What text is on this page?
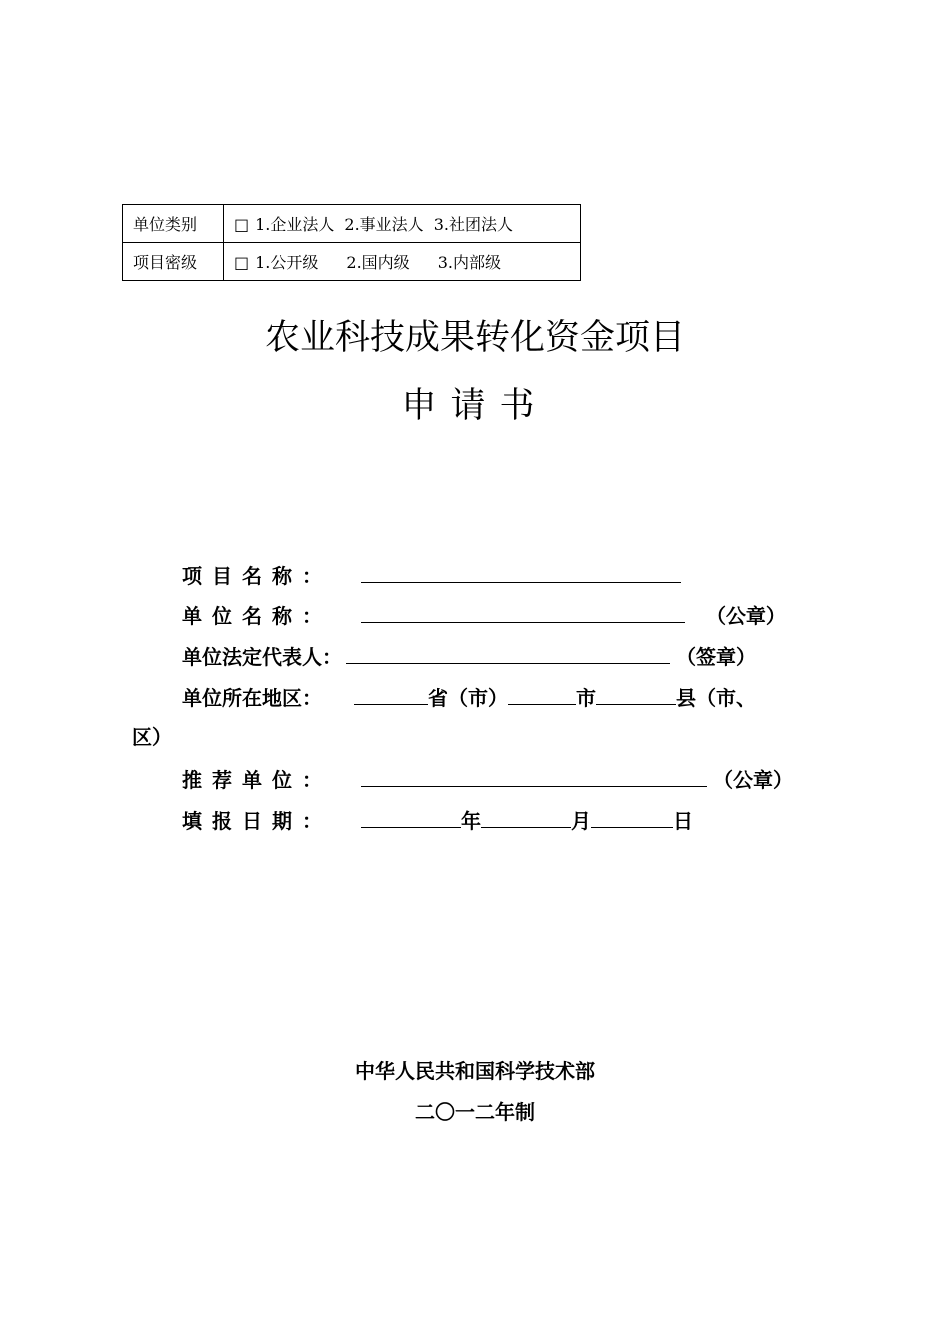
单位类别	□ 1.企业法人 2.事业法人 3.社团法人
项目密级	□ 1.公开级 2.国内级 3.内部级
农业科技成果转化资金项目
申请书
项目名称：
单位名称：	（公章）
单位法定代表人：	（签章）
单位所在地区：	省（市）	市	县（市、
区）
推荐单位：	（公章）
填报日期：	年	月	日
中华人民共和国科学技术部
二〇一二年制
